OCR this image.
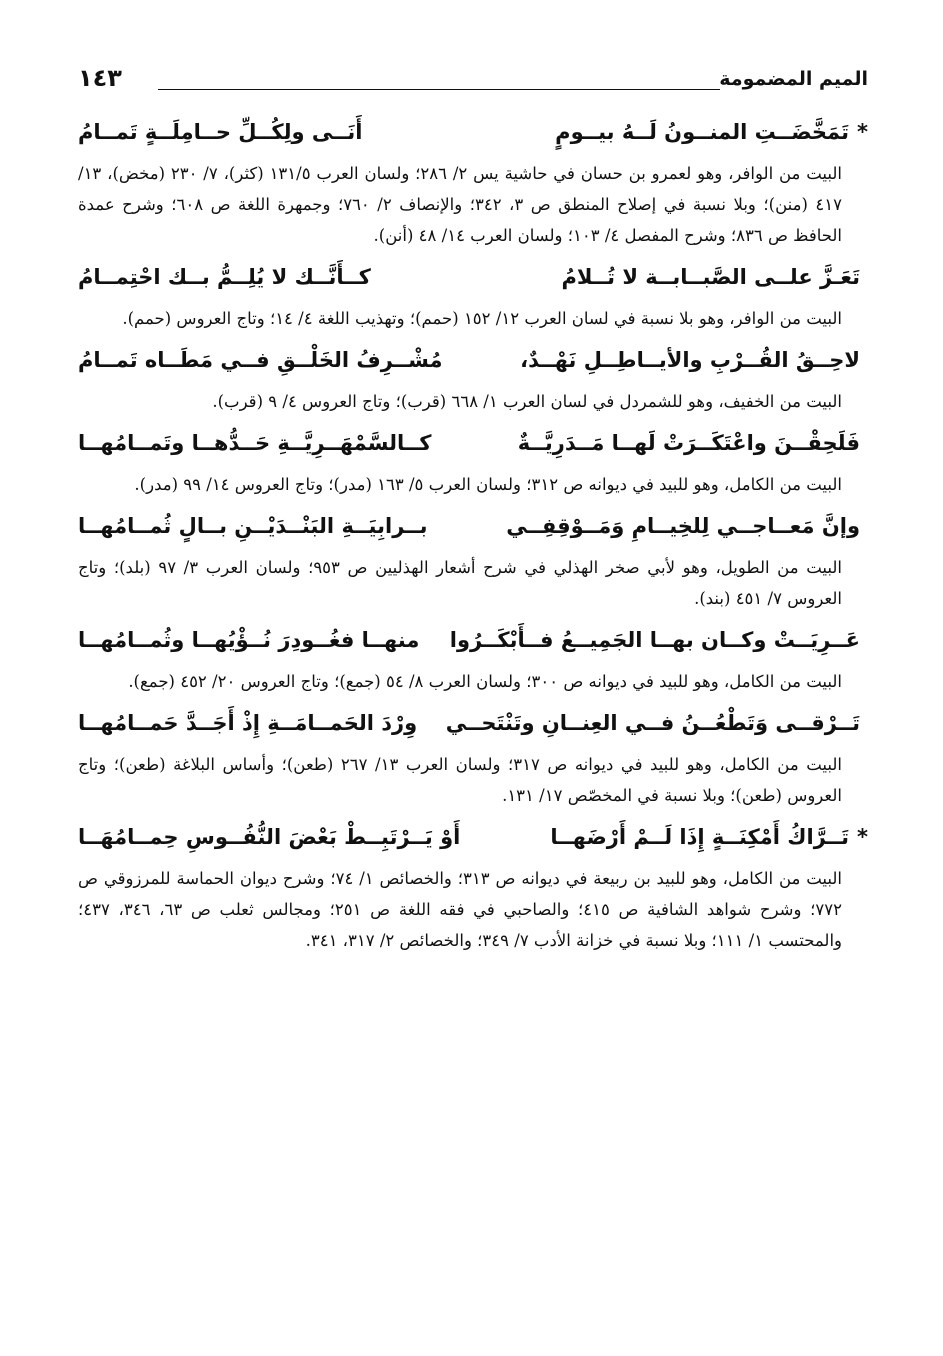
الميم المضمومة
١٤٣
*تَمَخَّضَــتِ المنــونُ لَــهُ بيــومٍ
أَنَــى ولِكُــلِّ حــامِلَــةٍ تَمــامُ

البيت من الوافر، وهو لعمرو بن حسان في حاشية يس ٢/ ٢٨٦؛ ولسان العرب ١٣١/٥ (كثر)، ٧/ ٢٣٠ (مخض)، ١٣/ ٤١٧ (منن)؛ وبلا نسبة في إصلاح المنطق ص ٣، ٣٤٢؛ والإنصاف ٢/ ٧٦٠؛ وجمهرة اللغة ص ٦٠٨؛ وشرح عمدة الحافظ ص ٨٣٦؛ وشرح المفصل ٤/ ١٠٣؛ ولسان العرب ١٤/ ٤٨ (أنن).

تَعَـزَّ علــى الصَّبــابــة لا تُــلامُ
كــأَنَّــك لا يُلِــمُّ بــك احْتِمــامُ

البيت من الوافر، وهو بلا نسبة في لسان العرب ١٢/ ١٥٢ (حمم)؛ وتهذيب اللغة ٤/ ١٤؛ وتاج العروس (حمم).

لاحِــقُ القُــرْبِ والأيــاطِــلِ نَهْــدٌ،
مُشْــرِفُ الخَلْــقِ فــي مَطَــاه تَمــامُ

البيت من الخفيف، وهو للشمردل في لسان العرب ١/ ٦٦٨ (قرب)؛ وتاج العروس ٤/ ٩ (قرب).

فَلَحِقْــنَ واعْتَكَــرَتْ لَهــا مَــدَرِيَّــةٌ
كــالسَّمْهَــرِيَّــةِ حَــدُّهــا وتَمــامُهــا

البيت من الكامل، وهو للبيد في ديوانه ص ٣١٢؛ ولسان العرب ٥/ ١٦٣ (مدر)؛ وتاج العروس ١٤/ ٩٩ (مدر).

وإنَّ مَعــاجــي لِلخِيــامِ وَمَــوْقِفِــي
بــرابِيَــةِ البَنْــدَيْــنِ بــالٍ ثُمــامُهــا

البيت من الطويل، وهو لأبي صخر الهذلي في شرح أشعار الهذليين ص ٩٥٣؛ ولسان العرب ٣/ ٩٧ (بلد)؛ وتاج العروس ٧/ ٤٥١ (بند).

عَــرِيَــتْ وكــان بهــا الجَمِيــعُ فــأَبْكَــرُوا
منهــا فغُــودِرَ نُــؤْيُهــا وثُمــامُهــا

البيت من الكامل، وهو للبيد في ديوانه ص ٣٠٠؛ ولسان العرب ٨/ ٥٤ (جمع)؛ وتاج العروس ٢٠/ ٤٥٢ (جمع).

تَــرْقــى وَتَطْعُــنُ فــي العِنــانِ وتَنْتَحــي
وِرْدَ الحَمــامَــةِ إِذْ أَجَــدَّ حَمــامُهــا

البيت من الكامل، وهو للبيد في ديوانه ص ٣١٧؛ ولسان العرب ١٣/ ٢٦٧ (طعن)؛ وأساس البلاغة (طعن)؛ وتاج العروس (طعن)؛ وبلا نسبة في المخصّص ١٧/ ١٣١.

*تَــرَّاكُ أَمْكِنَــةٍ إِذَا لَــمْ أَرْضَهــا
أَوْ يَــرْتَبِــطْ بَعْضَ النُّفُــوسِ حِمــامُهَــا

البيت من الكامل، وهو للبيد بن ربيعة في ديوانه ص ٣١٣؛ والخصائص ١/ ٧٤؛ وشرح ديوان الحماسة للمرزوقي ص ٧٧٢؛ وشرح شواهد الشافية ص ٤١٥؛ والصاحبي في فقه اللغة ص ٢٥١؛ ومجالس ثعلب ص ٦٣، ٣٤٦، ٤٣٧؛ والمحتسب ١/ ١١١؛ وبلا نسبة في خزانة الأدب ٧/ ٣٤٩؛ والخصائص ٢/ ٣١٧، ٣٤١.
